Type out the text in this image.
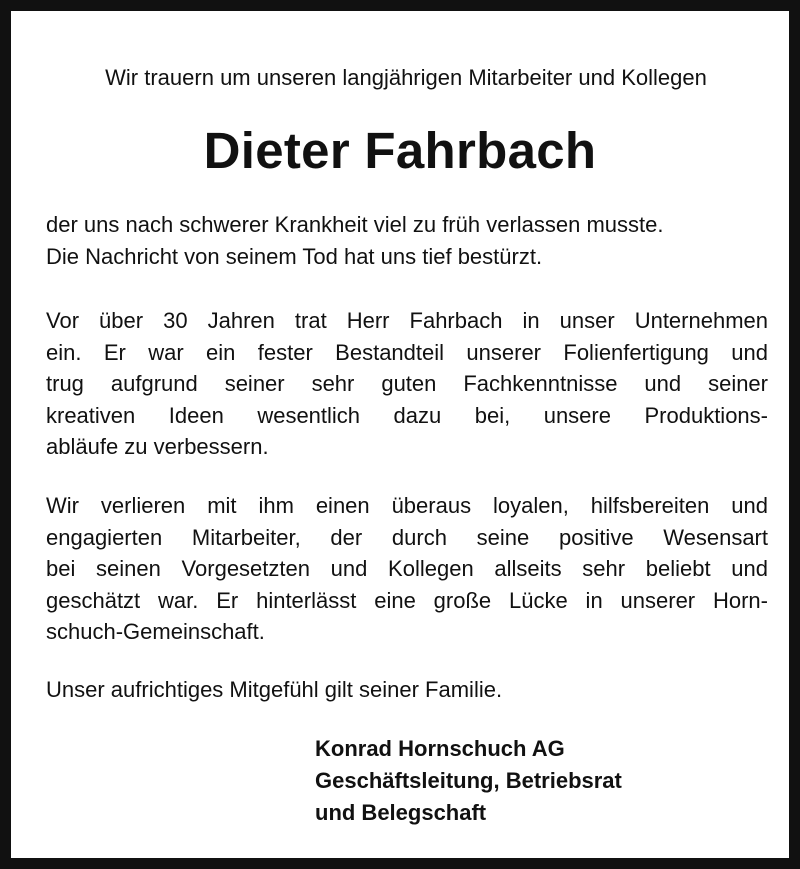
Wir trauern um unseren langjährigen Mitarbeiter und Kollegen
Dieter Fahrbach

der uns nach schwerer Krankheit viel zu früh verlassen musste.
Die Nachricht von seinem Tod hat uns tief bestürzt.

Vor über 30 Jahren trat Herr Fahrbach in unser Unternehmen
ein. Er war ein fester Bestandteil unserer Folienfertigung und
trug aufgrund seiner sehr guten Fachkenntnisse und seiner
kreativen Ideen wesentlich dazu bei, unsere Produktions-
abläufe zu verbessern.

Wir verlieren mit ihm einen überaus loyalen, hilfsbereiten und
engagierten Mitarbeiter, der durch seine positive Wesensart
bei seinen Vorgesetzten und Kollegen allseits sehr beliebt und
geschätzt war. Er hinterlässt eine große Lücke in unserer Horn-
schuch-Gemeinschaft.

Unser aufrichtiges Mitgefühl gilt seiner Familie.

Konrad Hornschuch AG
Geschäftsleitung, Betriebsrat
und Belegschaft
